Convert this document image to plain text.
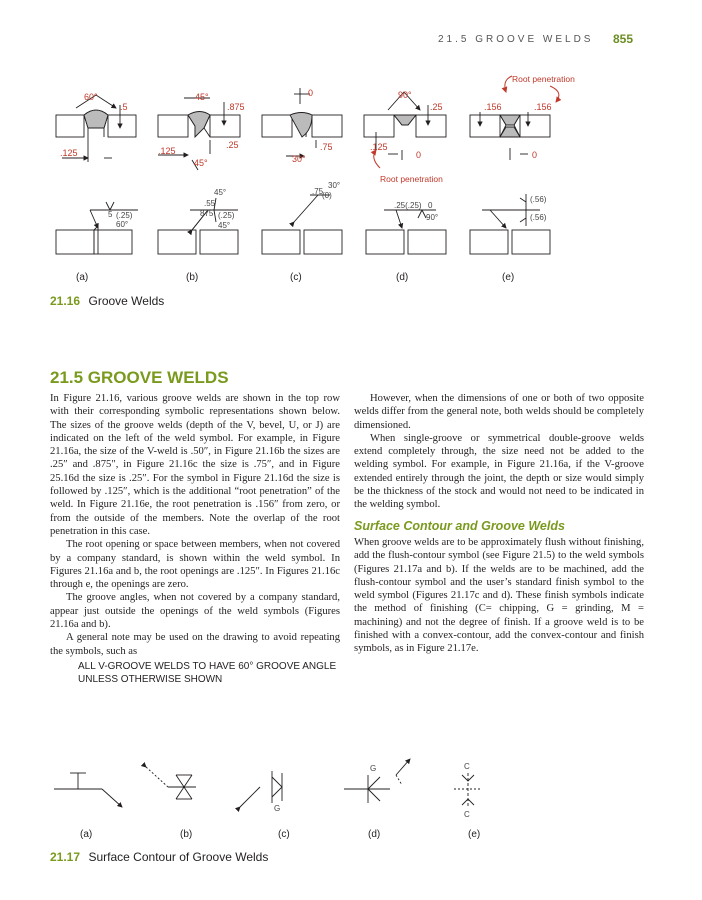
21.5 GROOVE WELDS 855
60°
.5
.125
45°
.875
.125
.25
45°
0
.75
30°
90°
.25
.125
0
Root penetration
Root penetration
.156	.156
0
5 (.25)
60°
45°
.55
875 (.25)
45°
30°
.75
(0)
.25(.25) 0
90°
(.56)
(.56)
(a)	(b)	(c)	(d)	(e)
21.16 Groove Welds
21.5 GROOVE WELDS

In Figure 21.16, various groove welds are shown in the top row with their corresponding symbolic representations shown below. The sizes of the groove welds (depth of the V, bevel, U, or J) are indicated on the left of the weld symbol. For example, in Figure 21.16a, the size of the V-weld is .50″, in Figure 21.16b the sizes are .25″ and .875″, in Figure 21.16c the size is .75″, and in Figure 25.16d the size is .25″. For the symbol in Figure 21.16d the size is followed by .125″, which is the additional “root penetration” of the weld. In Figure 21.16e, the root penetration is .156″ from zero, or from the outside of the members. Note the overlap of the root penetration in this case.

The root opening or space between members, when not covered by a company standard, is shown within the weld symbol. In Figures 21.16a and b, the root openings are .125″. In Figures 21.16c through e, the openings are zero.

The groove angles, when not covered by a company standard, appear just outside the openings of the weld symbols (Figures 21.16a and b).

A general note may be used on the drawing to avoid repeating the symbols, such as

ALL V-GROOVE WELDS TO HAVE 60° GROOVE ANGLE

UNLESS OTHERWISE SHOWN

However, when the dimensions of one or both of two opposite welds differ from the general note, both welds should be completely dimensioned.

When single-groove or symmetrical double-groove welds extend completely through, the size need not be added to the welding symbol. For example, in Figure 21.16a, if the V-groove extended entirely through the joint, the depth or size would simply be the thickness of the stock and would not need to be indicated in the welding symbol.

Surface Contour and Groove Welds

When groove welds are to be approximately flush without finishing, add the flush-contour symbol (see Figure 21.5) to the weld symbols (Figures 21.17a and b). If the welds are to be machined, add the flush-contour symbol and the user’s standard finish symbol to the weld symbol (Figures 21.17c and d). These finish symbols indicate the method of finishing (C= chipping, G = grinding, M = machining) and not the degree of finish. If a groove weld is to be finished with a convex-contour, add the convex-contour and finish symbols, as in Figure 21.17e.

G
G	C
C
(a)	(b)	(c)	(d)	(e)
21.17 Surface Contour of Groove Welds
